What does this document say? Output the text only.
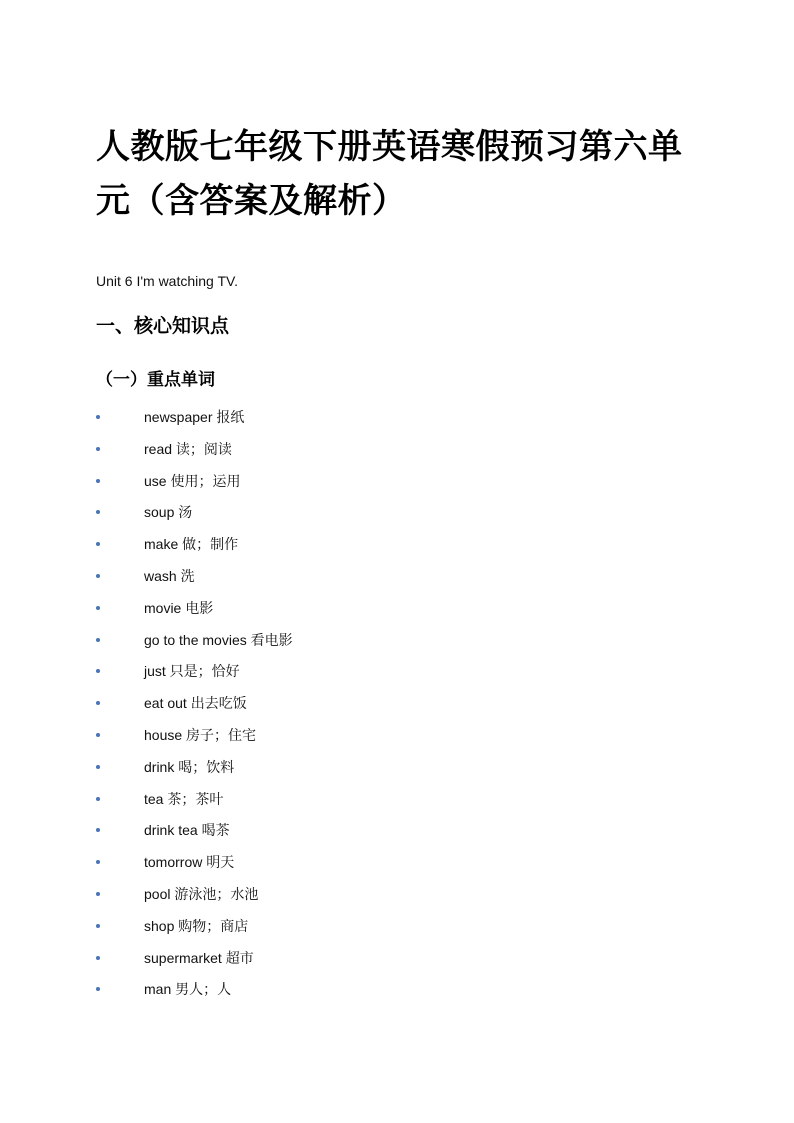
人教版七年级下册英语寒假预习第六单元（含答案及解析）

Unit 6 I'm watching TV.

一、核心知识点
（一）重点单词
newspaper 报纸
read 读；阅读
use 使用；运用
soup 汤
make 做；制作
wash 洗
movie 电影
go to the movies 看电影
just 只是；恰好
eat out 出去吃饭
house 房子；住宅
drink 喝；饮料
tea 茶；茶叶
drink tea 喝茶
tomorrow 明天
pool 游泳池；水池
shop 购物；商店
supermarket 超市
man 男人；人
